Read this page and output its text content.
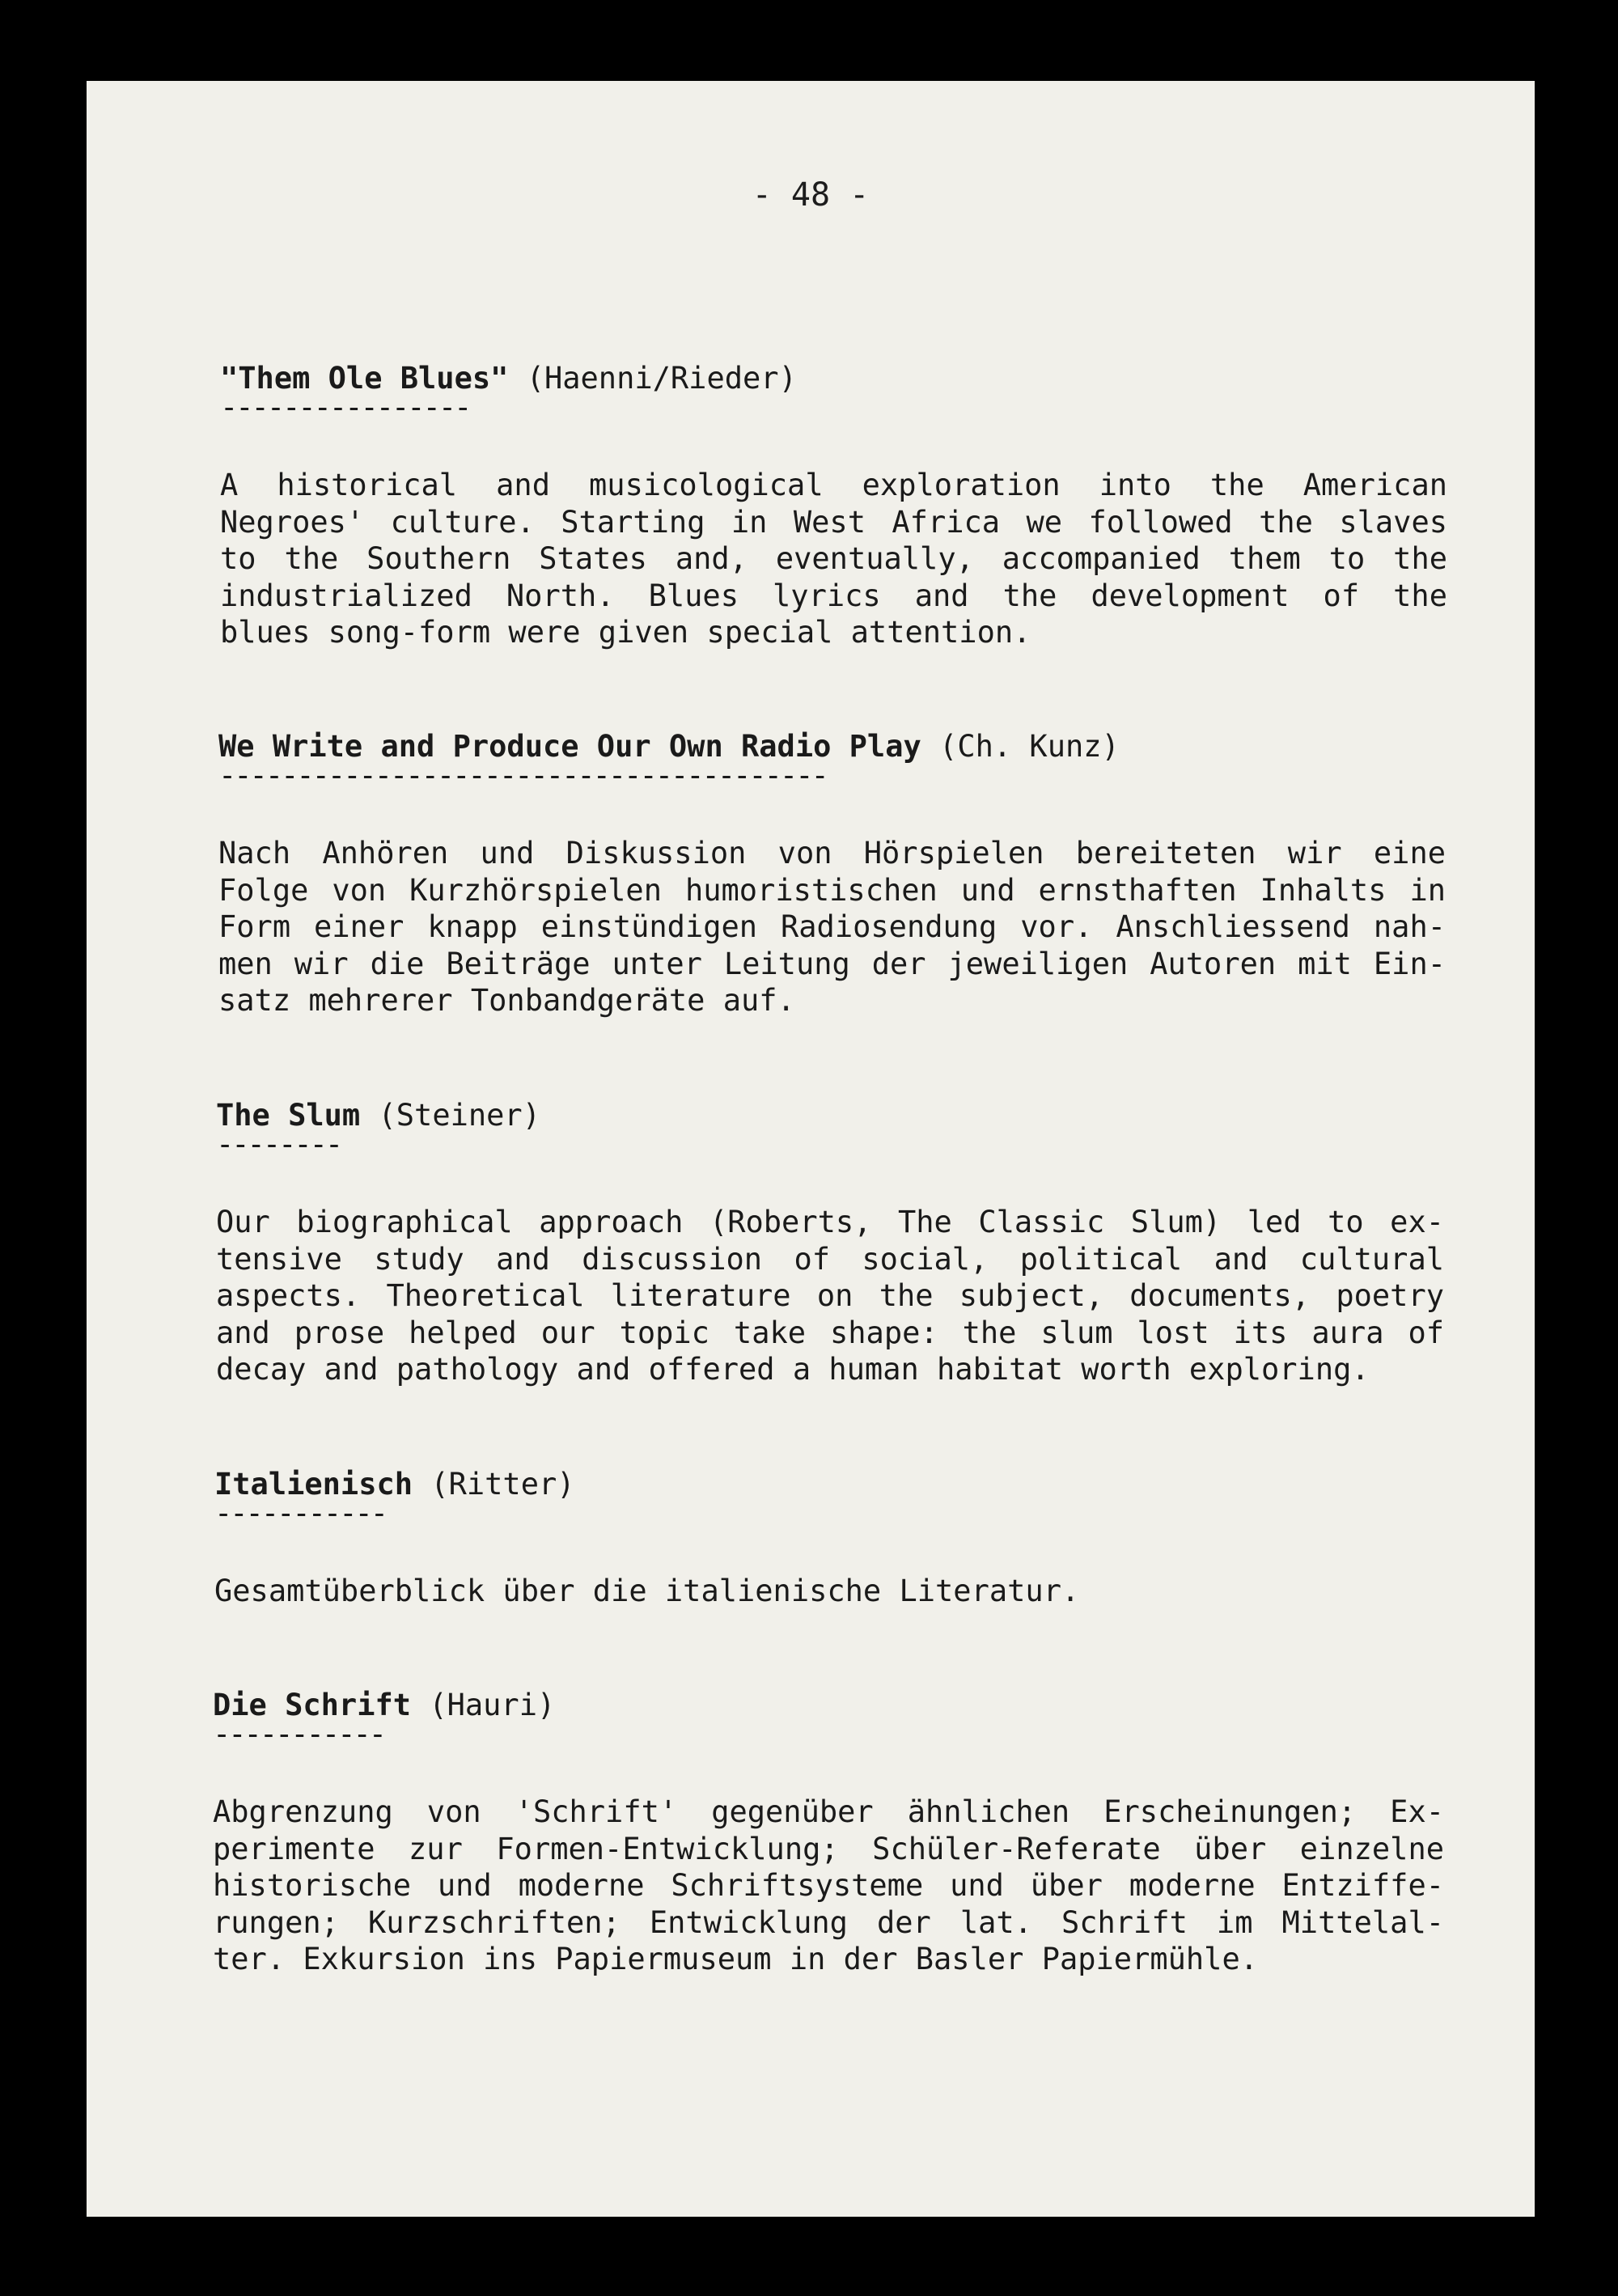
- 48 -

"Them Ole Blues" (Haenni/Rieder)

----------------

A historical and musicological exploration into the American
Negroes' culture. Starting in West Africa we followed the slaves
to the Southern States and, eventually, accompanied them to the
industrialized North. Blues lyrics and the development of the
blues song-form were given special attention.

We Write and Produce Our Own Radio Play (Ch. Kunz)

---------------------------------------

Nach Anhören und Diskussion von Hörspielen bereiteten wir eine
Folge von Kurzhörspielen humoristischen und ernsthaften Inhalts in
Form einer knapp einstündigen Radiosendung vor. Anschliessend nah-
men wir die Beiträge unter Leitung der jeweiligen Autoren mit Ein-
satz mehrerer Tonbandgeräte auf.

The Slum (Steiner)

--------

Our biographical approach (Roberts, The Classic Slum) led to ex-
tensive study and discussion of social, political and cultural
aspects. Theoretical literature on the subject, documents, poetry
and prose helped our topic take shape: the slum lost its aura of
decay and pathology and offered a human habitat worth exploring.

Italienisch (Ritter)

-----------

Gesamtüberblick über die italienische Literatur.

Die Schrift (Hauri)

-----------

Abgrenzung von 'Schrift' gegenüber ähnlichen Erscheinungen; Ex-
perimente zur Formen-Entwicklung; Schüler-Referate über einzelne
historische und moderne Schriftsysteme und über moderne Entziffe-
rungen; Kurzschriften; Entwicklung der lat. Schrift im Mittelal-
ter. Exkursion ins Papiermuseum in der Basler Papiermühle.
